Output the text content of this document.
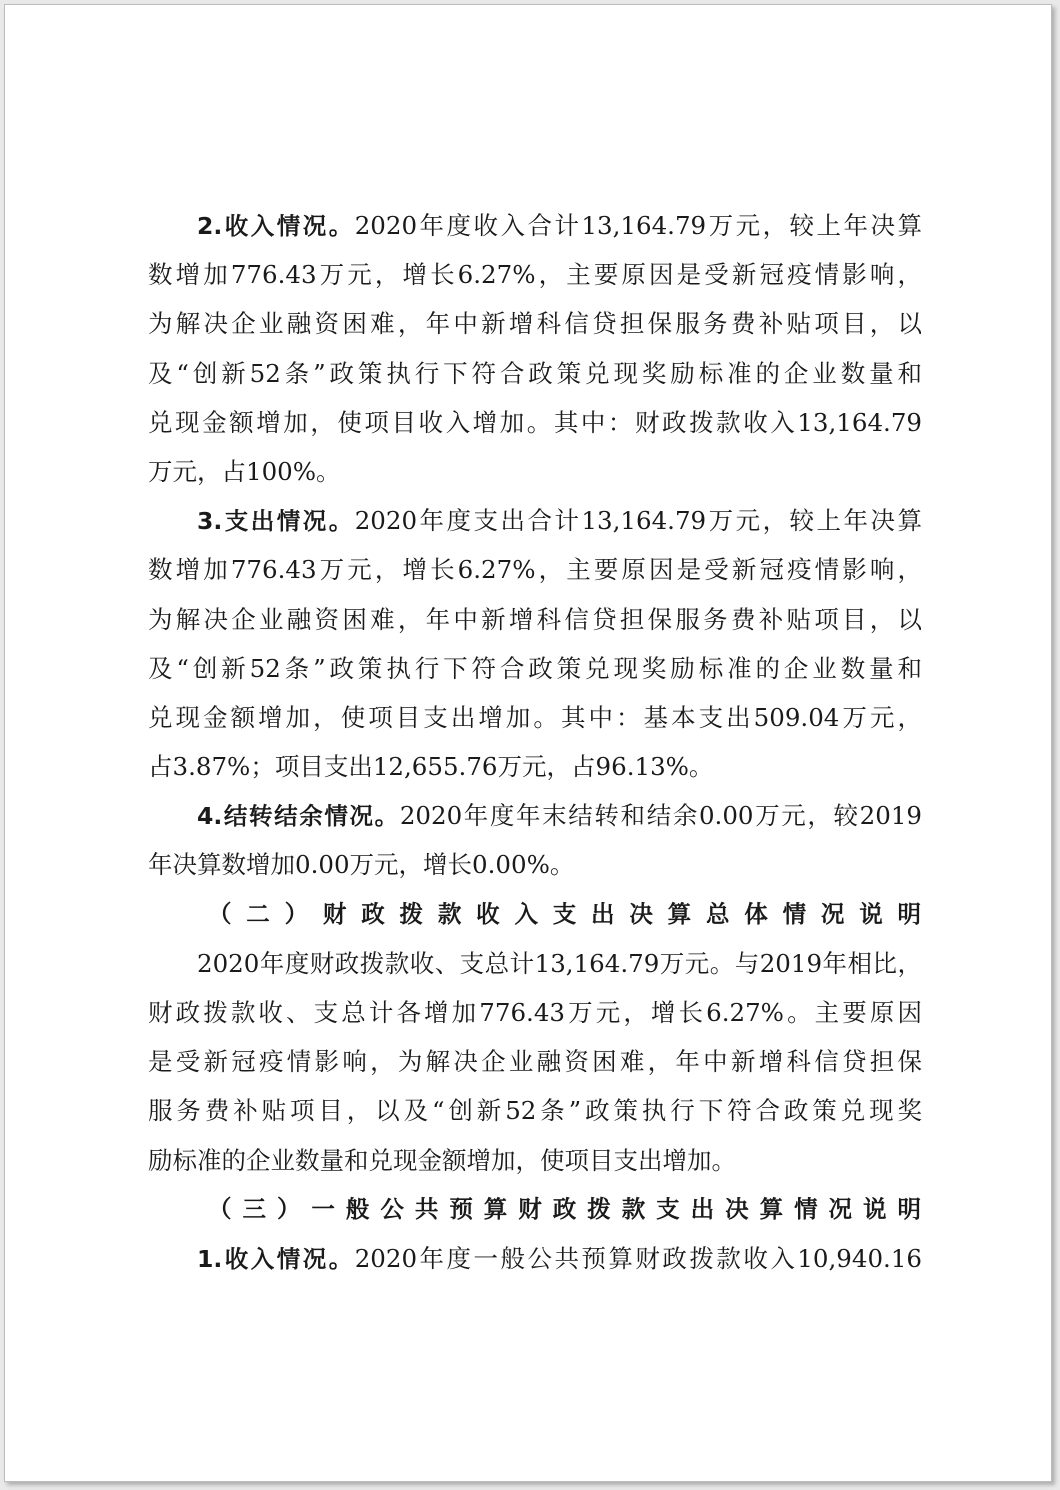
2.收入情况。2020年度收入合计13,164.79万元，较上年决算
数增加776.43万元，增长6.27%，主要原因是受新冠疫情影响，
为解决企业融资困难，年中新增科信贷担保服务费补贴项目，以
及“创新52条”政策执行下符合政策兑现奖励标准的企业数量和
兑现金额增加，使项目收入增加。其中：财政拨款收入13,164.79
万元，占100%。
3.支出情况。2020年度支出合计13,164.79万元，较上年决算
数增加776.43万元，增长6.27%，主要原因是受新冠疫情影响，
为解决企业融资困难，年中新增科信贷担保服务费补贴项目，以
及“创新52条”政策执行下符合政策兑现奖励标准的企业数量和
兑现金额增加，使项目支出增加。其中：基本支出509.04万元，
占3.87%；项目支出12,655.76万元，占96.13%。
4.结转结余情况。2020年度年末结转和结余0.00万元，较2019
年决算数增加0.00万元，增长0.00%。
（二）财政拨款收入支出决算总体情况说明
2020年度财政拨款收、支总计13,164.79万元。与2019年相比，
财政拨款收、支总计各增加776.43万元，增长6.27%。主要原因
是受新冠疫情影响，为解决企业融资困难，年中新增科信贷担保
服务费补贴项目，以及“创新52条”政策执行下符合政策兑现奖
励标准的企业数量和兑现金额增加，使项目支出增加。
（三）一般公共预算财政拨款支出决算情况说明
1.收入情况。2020年度一般公共预算财政拨款收入10,940.16
